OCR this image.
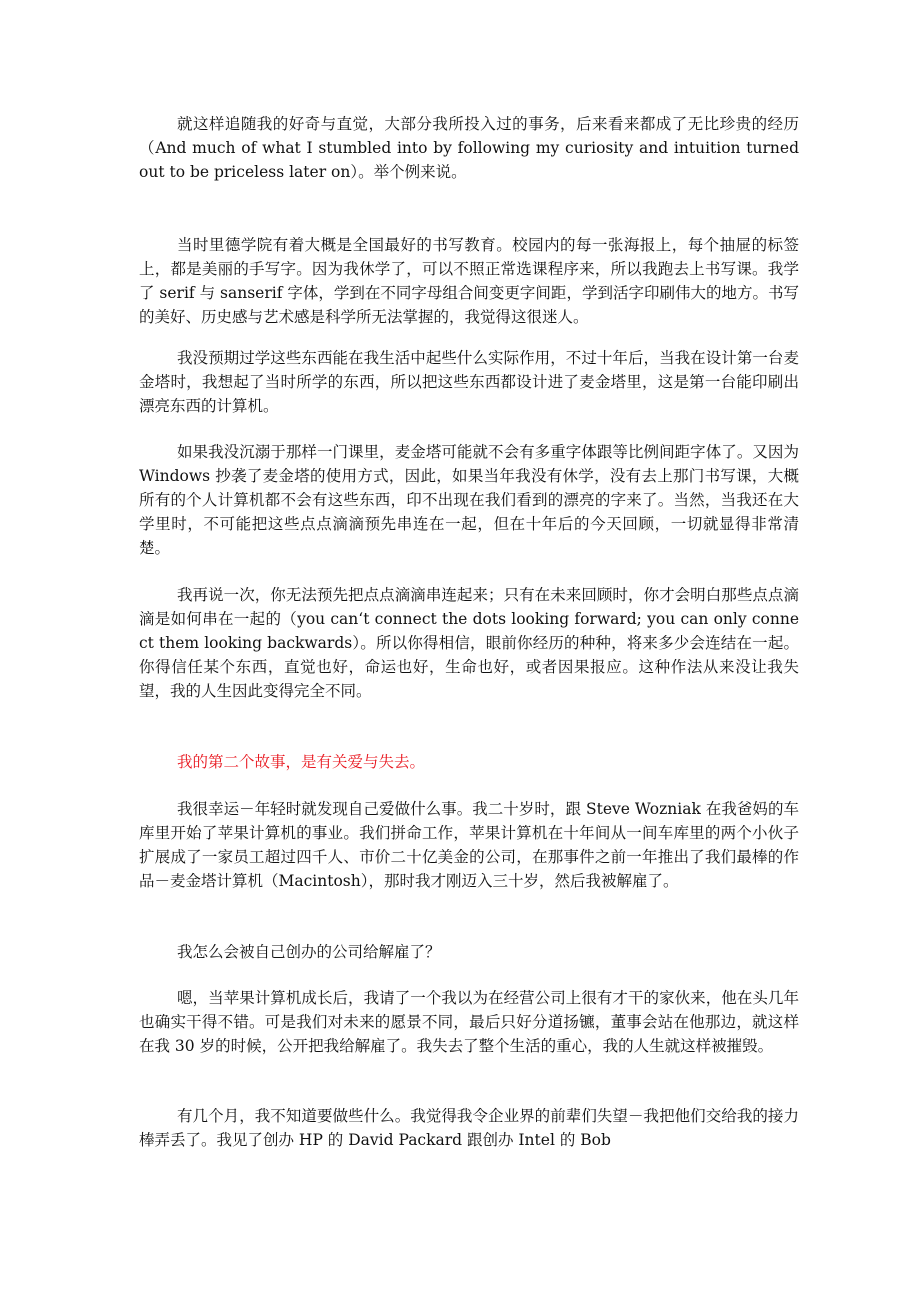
就这样追随我的好奇与直觉，大部分我所投入过的事务，后来看来都成了无比珍贵的经历（And much of what I stumbled into by following my curiosity and intuition turned out to be priceless later on）。举个例来说。

当时里德学院有着大概是全国最好的书写教育。校园内的每一张海报上，每个抽屉的标签上，都是美丽的手写字。因为我休学了，可以不照正常选课程序来，所以我跑去上书写课。我学了 serif 与 sanserif 字体，学到在不同字母组合间变更字间距，学到活字印刷伟大的地方。书写的美好、历史感与艺术感是科学所无法掌握的，我觉得这很迷人。

我没预期过学这些东西能在我生活中起些什么实际作用，不过十年后，当我在设计第一台麦金塔时，我想起了当时所学的东西，所以把这些东西都设计进了麦金塔里，这是第一台能印刷出漂亮东西的计算机。

如果我没沉溺于那样一门课里，麦金塔可能就不会有多重字体跟等比例间距字体了。又因为 Windows 抄袭了麦金塔的使用方式，因此，如果当年我没有休学，没有去上那门书写课，大概所有的个人计算机都不会有这些东西，印不出现在我们看到的漂亮的字来了。当然，当我还在大学里时，不可能把这些点点滴滴预先串连在一起，但在十年后的今天回顾，一切就显得非常清楚。

我再说一次，你无法预先把点点滴滴串连起来；只有在未来回顾时，你才会明白那些点点滴滴是如何串在一起的（you can‘t connect the dots looking forward; you can only connect them looking backwards）。所以你得相信，眼前你经历的种种，将来多少会连结在一起。你得信任某个东西，直觉也好，命运也好，生命也好，或者因果报应。这种作法从来没让我失望，我的人生因此变得完全不同。

我的第二个故事，是有关爱与失去。

我很幸运－年轻时就发现自己爱做什么事。我二十岁时，跟 Steve Wozniak 在我爸妈的车库里开始了苹果计算机的事业。我们拼命工作，苹果计算机在十年间从一间车库里的两个小伙子扩展成了一家员工超过四千人、市价二十亿美金的公司，在那事件之前一年推出了我们最棒的作品－麦金塔计算机（Macintosh），那时我才刚迈入三十岁，然后我被解雇了。

我怎么会被自己创办的公司给解雇了？

嗯，当苹果计算机成长后，我请了一个我以为在经营公司上很有才干的家伙来，他在头几年也确实干得不错。可是我们对未来的愿景不同，最后只好分道扬镳，董事会站在他那边，就这样在我 30 岁的时候，公开把我给解雇了。我失去了整个生活的重心，我的人生就这样被摧毁。

有几个月，我不知道要做些什么。我觉得我令企业界的前辈们失望－我把他们交给我的接力棒弄丢了。我见了创办 HP 的 David Packard 跟创办 Intel 的 Bob
